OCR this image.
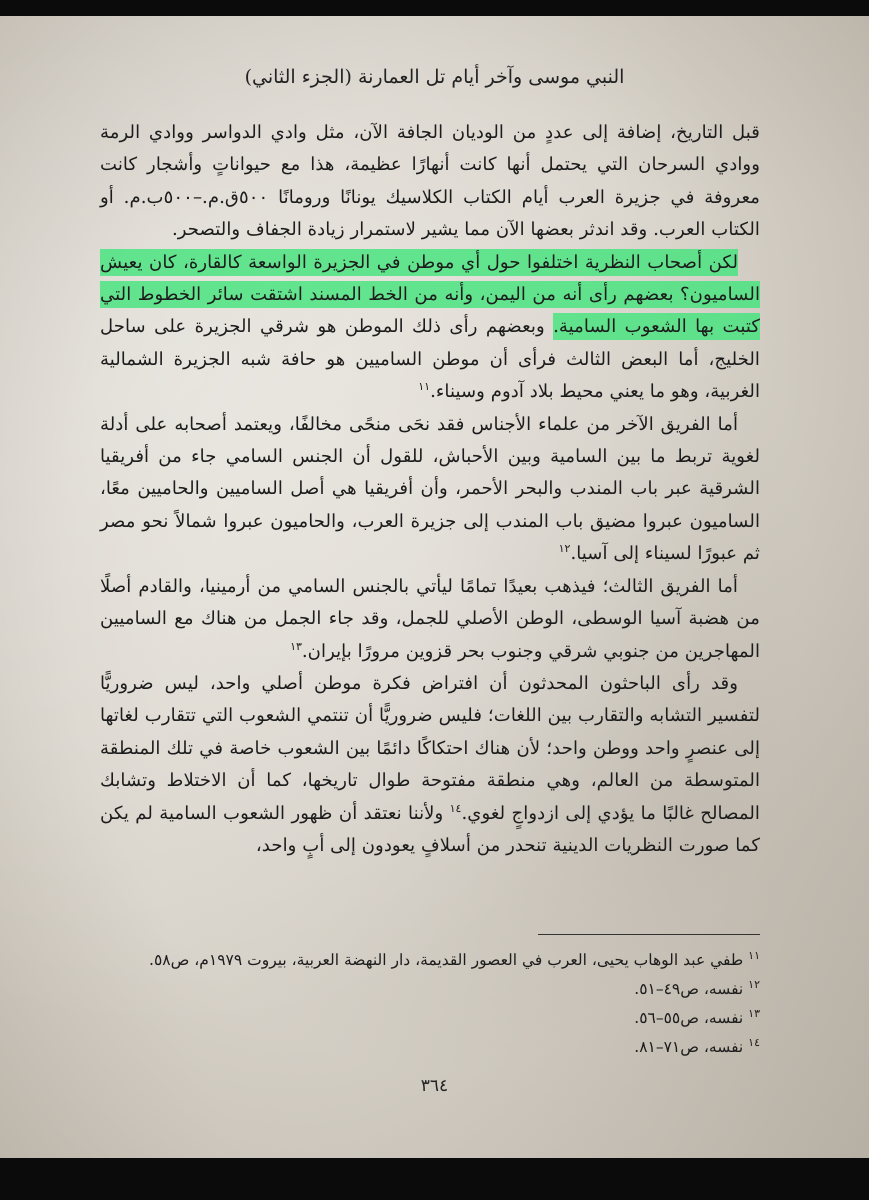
النبي موسى وآخر أيام تل العمارنة (الجزء الثاني)

قبل التاريخ، إضافة إلى عددٍ من الوديان الجافة الآن، مثل وادي الدواسر ووادي الرمة ووادي السرحان التي يحتمل أنها كانت أنهارًا عظيمة، هذا مع حيواناتٍ وأشجار كانت معروفة في جزيرة العرب أيام الكتاب الكلاسيك يونانًا ورومانًا ٥٠٠ق.م.–٥٠٠ب.م. أو الكتاب العرب. وقد اندثر بعضها الآن مما يشير لاستمرار زيادة الجفاف والتصحر.

لكن أصحاب النظرية اختلفوا حول أي موطن في الجزيرة الواسعة كالقارة، كان يعيش الساميون؟ بعضهم رأى أنه من اليمن، وأنه من الخط المسند اشتقت سائر الخطوط التي كتبت بها الشعوب السامية. وبعضهم رأى ذلك الموطن هو شرقي الجزيرة على ساحل الخليج، أما البعض الثالث فرأى أن موطن الساميين هو حافة شبه الجزيرة الشمالية الغربية، وهو ما يعني محيط بلاد آدوم وسيناء.$^{١١}$

أما الفريق الآخر من علماء الأجناس فقد نحَى منحًى مخالفًا، ويعتمد أصحابه على أدلة لغوية تربط ما بين السامية وبين الأحباش، للقول أن الجنس السامي جاء من أفريقيا الشرقية عبر باب المندب والبحر الأحمر، وأن أفريقيا هي أصل الساميين والحاميين معًا، الساميون عبروا مضيق باب المندب إلى جزيرة العرب، والحاميون عبروا شمالاً نحو مصر ثم عبورًا لسيناء إلى آسيا.$^{١٢}$

أما الفريق الثالث؛ فيذهب بعيدًا تمامًا ليأتي بالجنس السامي من أرمينيا، والقادم أصلًا من هضبة آسيا الوسطى، الوطن الأصلي للجمل، وقد جاء الجمل من هناك مع الساميين المهاجرين من جنوبي شرقي وجنوب بحر قزوين مرورًا بإيران.$^{١٣}$

وقد رأى الباحثون المحدثون أن افتراض فكرة موطن أصلي واحد، ليس ضروريًّا لتفسير التشابه والتقارب بين اللغات؛ فليس ضروريًّا أن تنتمي الشعوب التي تتقارب لغاتها إلى عنصرٍ واحد ووطن واحد؛ لأن هناك احتكاكًا دائمًا بين الشعوب خاصة في تلك المنطقة المتوسطة من العالم، وهي منطقة مفتوحة طوال تاريخها، كما أن الاختلاط وتشابك المصالح غالبًا ما يؤدي إلى ازدواجٍ لغوي.$^{١٤}$ ولأننا نعتقد أن ظهور الشعوب السامية لم يكن كما صورت النظريات الدينية تنحدر من أسلافٍ يعودون إلى أبٍ واحد،

$^{١١}$ طفي عبد الوهاب يحيى، العرب في العصور القديمة، دار النهضة العربية، بيروت ١٩٧٩م، ص٥٨.
$^{١٢}$ نفسه، ص٤٩–٥١.
$^{١٣}$ نفسه، ص٥٥–٥٦.
$^{١٤}$ نفسه، ص٧١–٨١.
٣٦٤
